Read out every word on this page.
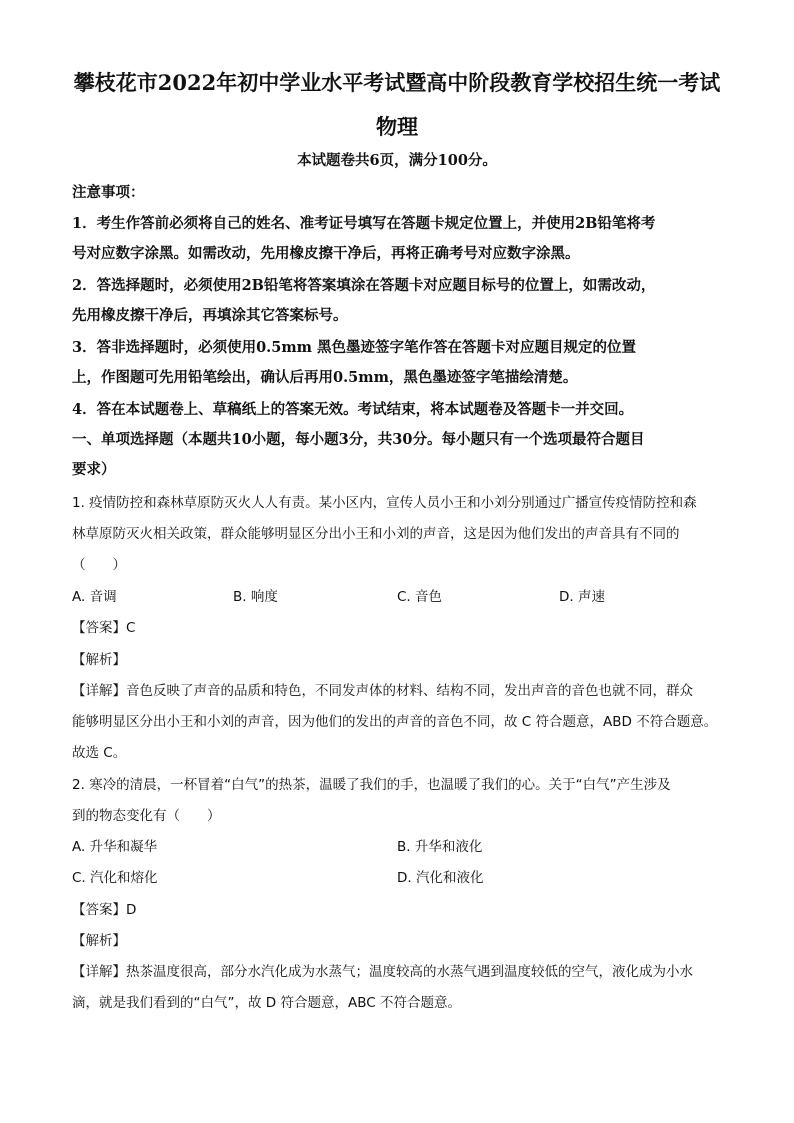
攀枝花市2022年初中学业水平考试暨高中阶段教育学校招生统一考试
物理
本试题卷共6页，满分100分。
注意事项：
1．考生作答前必须将自己的姓名、准考证号填写在答题卡规定位置上，并使用2B铅笔将考
号对应数字涂黑。如需改动，先用橡皮擦干净后，再将正确考号对应数字涂黑。
2．答选择题时，必须使用2B铅笔将答案填涂在答题卡对应题目标号的位置上，如需改动，
先用橡皮擦干净后，再填涂其它答案标号。
3．答非选择题时，必须使用0.5mm 黑色墨迹签字笔作答在答题卡对应题目规定的位置
上，作图题可先用铅笔绘出，确认后再用0.5mm，黑色墨迹签字笔描绘清楚。
4．答在本试题卷上、草稿纸上的答案无效。考试结束，将本试题卷及答题卡一并交回。
一、单项选择题（本题共10小题，每小题3分，共30分。每小题只有一个选项最符合题目
要求）
1. 疫情防控和森林草原防灭火人人有责。某小区内，宣传人员小王和小刘分别通过广播宣传疫情防控和森
林草原防灭火相关政策，群众能够明显区分出小王和小刘的声音，这是因为他们发出的声音具有不同的
（　　）
A. 音调	B. 响度	C. 音色	D. 声速
【答案】C
【解析】
【详解】音色反映了声音的品质和特色，不同发声体的材料、结构不同，发出声音的音色也就不同，群众
能够明显区分出小王和小刘的声音，因为他们的发出的声音的音色不同，故 C 符合题意，ABD 不符合题意。
故选 C。
2. 寒冷的清晨，一杯冒着“白气”的热茶，温暖了我们的手，也温暖了我们的心。关于“白气”产生涉及
到的物态变化有（　　）
A. 升华和凝华	B. 升华和液化
C. 汽化和熔化	D. 汽化和液化
【答案】D
【解析】
【详解】热茶温度很高，部分水汽化成为水蒸气；温度较高的水蒸气遇到温度较低的空气，液化成为小水
滴，就是我们看到的“白气”，故 D 符合题意，ABC 不符合题意。
